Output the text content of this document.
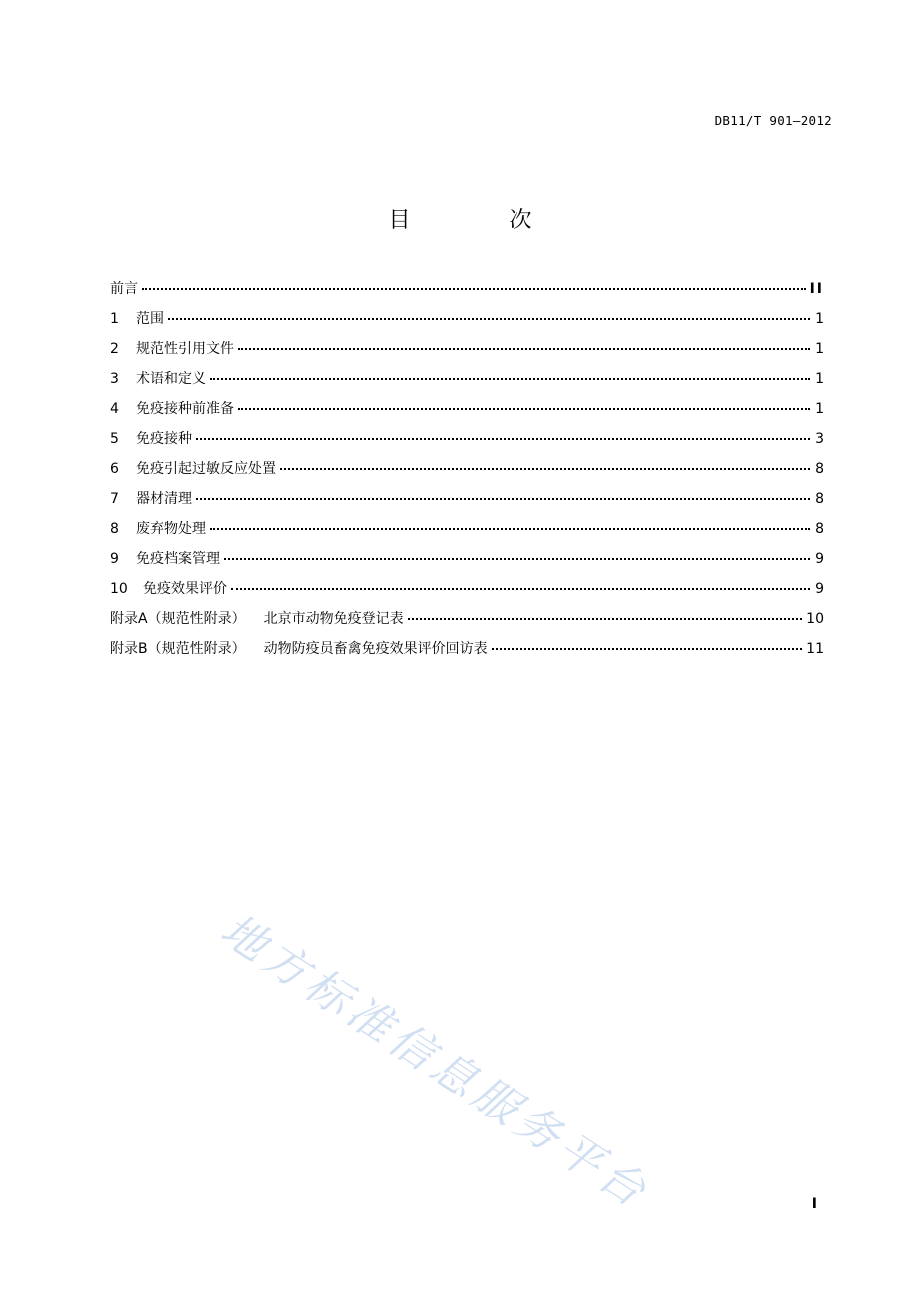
DB11/T 901—2012
目 次
前言	II
1	范围	1
2	规范性引用文件	1
3	术语和定义	1
4	免疫接种前准备	1
5	免疫接种	3
6	免疫引起过敏反应处置	8
7	器材清理	8
8	废弃物处理	8
9	免疫档案管理	9
10	免疫效果评价	9
附录A（规范性附录） 北京市动物免疫登记表	10
附录B（规范性附录） 动物防疫员畜禽免疫效果评价回访表	11
地方标准信息服务平台	I
